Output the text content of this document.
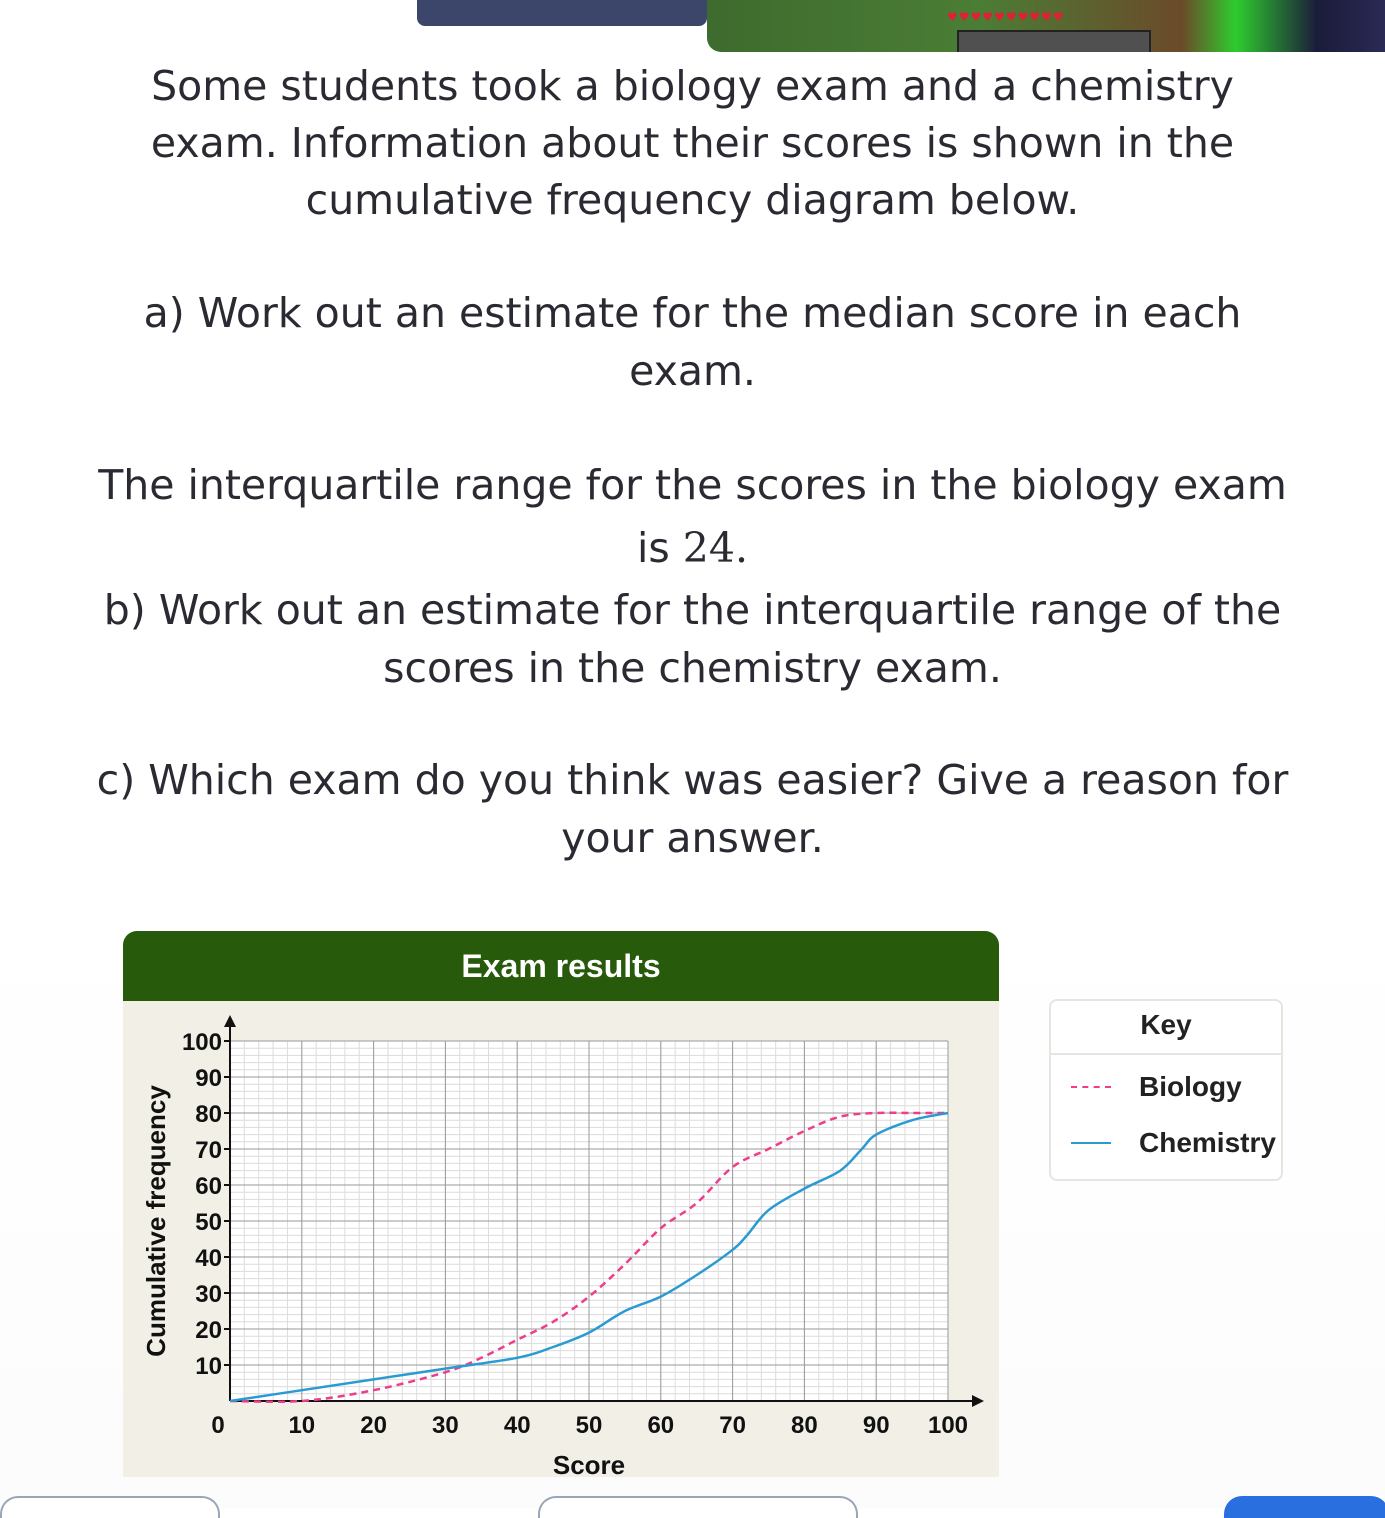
♥♥♥♥♥♥♥♥♥♥
Some students took a biology exam and a chemistry
exam. Information about their scores is shown in the
cumulative frequency diagram below.
a) Work out an estimate for the median score in each
exam.
The interquartile range for the scores in the biology exam
is 24.
b) Work out an estimate for the interquartile range of the
scores in the chemistry exam.
c) Which exam do you think was easier? Give a reason for
your answer.
Exam results
10
20
30
40
50
60
70
80
90
100
0	10 20 30 40 50 60 70 80 90 100
Score
Cumulative frequency
Key
Biology
Chemistry
